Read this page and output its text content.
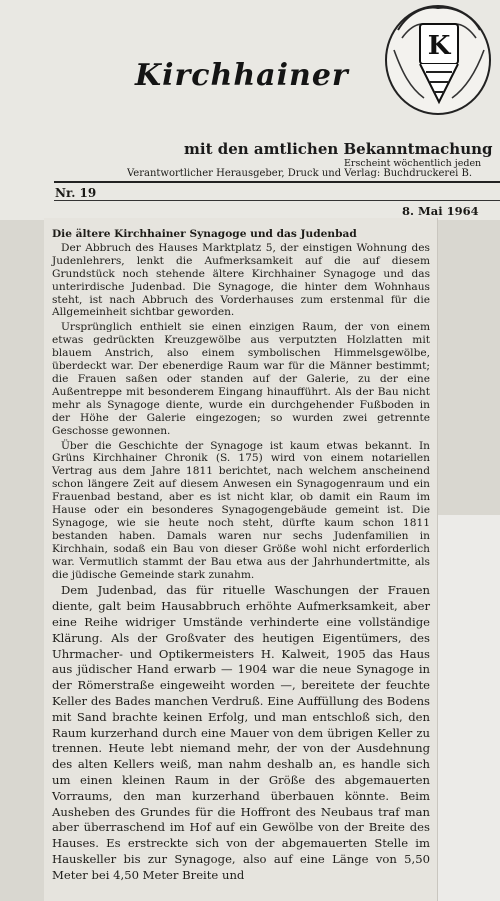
K
Kirchhainer
mit den amtlichen Bekanntmachung
Erscheint wöchentlich jeden
Verantwortlicher Herausgeber, Druck und Verlag: Buchdruckerei B.
Nr. 19
8. Mai 1964
Die ältere Kirchhainer Synagoge und das Judenbad

Der Abbruch des Hauses Marktplatz 5, der einstigen Wohnung des Judenlehrers, lenkt die Aufmerksamkeit auf die auf diesem Grundstück noch stehende ältere Kirchhainer Synagoge und das unterirdische Judenbad. Die Synagoge, die hinter dem Wohnhaus steht, ist nach Abbruch des Vorderhauses zum erstenmal für die Allgemeinheit sichtbar geworden.

Ursprünglich enthielt sie einen einzigen Raum, der von einem etwas gedrückten Kreuzgewölbe aus verputzten Holzlatten mit blauem Anstrich, also einem symbolischen Himmelsgewölbe, überdeckt war. Der ebenerdige Raum war für die Männer bestimmt; die Frauen saßen oder standen auf der Galerie, zu der eine Außentreppe mit besonderem Eingang hinaufführt. Als der Bau nicht mehr als Synagoge diente, wurde ein durchgehender Fußboden in der Höhe der Galerie eingezogen; so wurden zwei getrennte Geschosse gewonnen.

Über die Geschichte der Synagoge ist kaum etwas bekannt. In Grüns Kirchhainer Chronik (S. 175) wird von einem notariellen Vertrag aus dem Jahre 1811 berichtet, nach welchem anscheinend schon längere Zeit auf diesem Anwesen ein Synagogenraum und ein Frauenbad bestand, aber es ist nicht klar, ob damit ein Raum im Hause oder ein besonderes Synagogengebäude gemeint ist. Die Synagoge, wie sie heute noch steht, dürfte kaum schon 1811 bestanden haben. Damals waren nur sechs Judenfamilien in Kirchhain, sodaß ein Bau von dieser Größe wohl nicht erforderlich war. Vermutlich stammt der Bau etwa aus der Jahrhundertmitte, als die jüdische Gemeinde stark zunahm.

Dem Judenbad, das für rituelle Waschungen der Frauen diente, galt beim Hausabbruch erhöhte Aufmerksamkeit, aber eine Reihe widriger Umstände verhinderte eine vollständige Klärung. Als der Großvater des heutigen Eigentümers, des Uhrmacher- und Optikermeisters H. Kalweit, 1905 das Haus aus jüdischer Hand erwarb — 1904 war die neue Synagoge in der Römerstraße eingeweiht worden —, bereitete der feuchte Keller des Bades manchen Verdruß. Eine Auffüllung des Bodens mit Sand brachte keinen Erfolg, und man entschloß sich, den Raum kurzerhand durch eine Mauer von dem übrigen Keller zu trennen. Heute lebt niemand mehr, der von der Ausdehnung des alten Kellers weiß, man nahm deshalb an, es handle sich um einen kleinen Raum in der Größe des abgemauerten Vorraums, den man kurzerhand überbauen könnte. Beim Ausheben des Grundes für die Hoffront des Neubaus traf man aber überraschend im Hof auf ein Gewölbe von der Breite des Hauses. Es erstreckte sich von der abgemauerten Stelle im Hauskeller bis zur Synagoge, also auf eine Länge von 5,50 Meter bei 4,50 Meter Breite und
